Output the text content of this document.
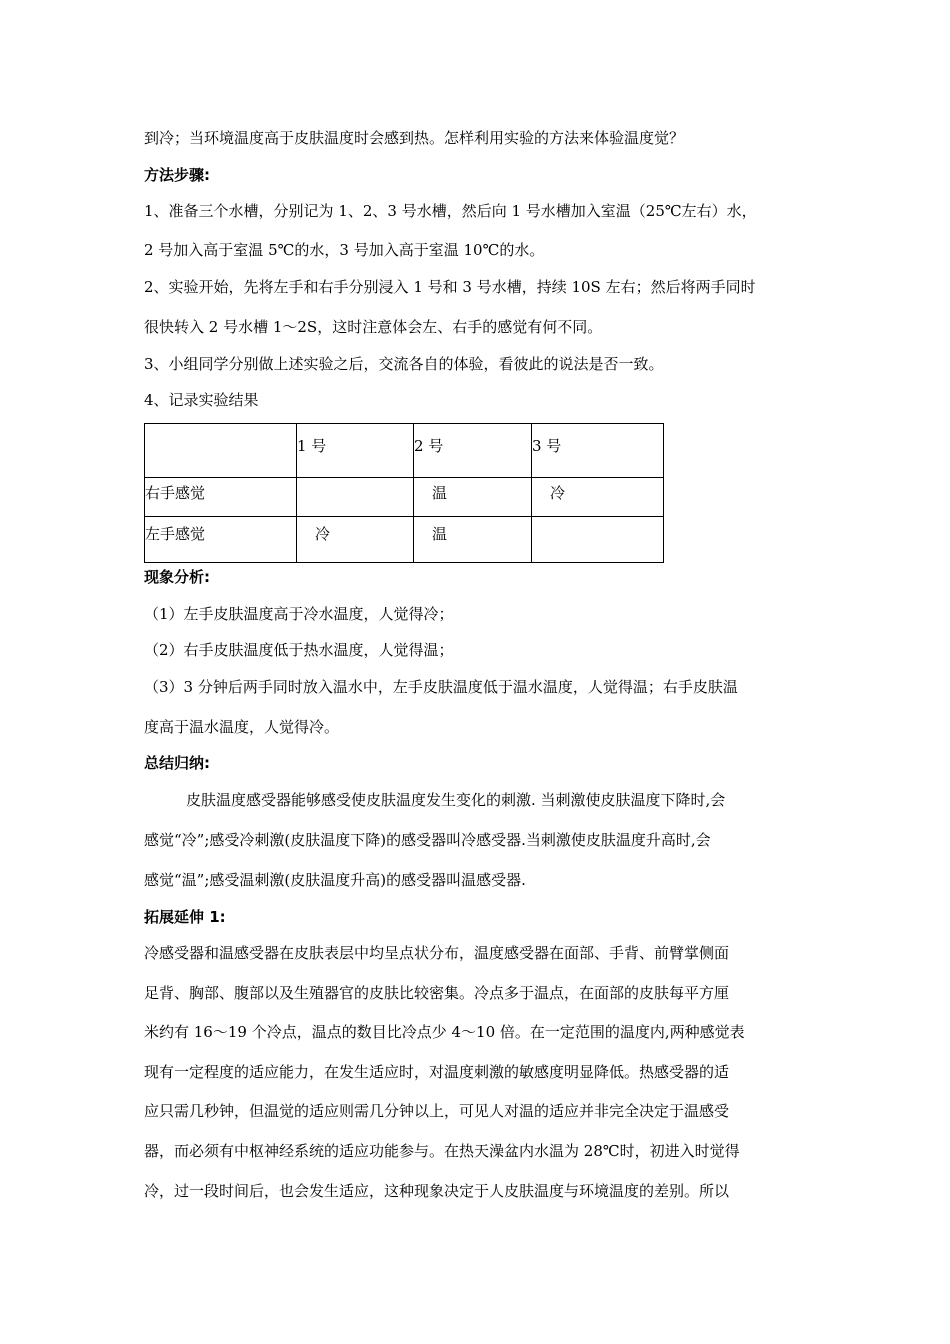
到冷；当环境温度高于皮肤温度时会感到热。怎样利用实验的方法来体验温度觉？
方法步骤:
1、准备三个水槽，分别记为 1、2、3 号水槽，然后向 1 号水槽加入室温（25℃左右）水，
2 号加入高于室温 5℃的水，3 号加入高于室温 10℃的水。
2、实验开始，先将左手和右手分别浸入 1 号和 3 号水槽，持续 10S 左右；然后将两手同时
很快转入 2 号水槽 1～2S，这时注意体会左、右手的感觉有何不同。
3、小组同学分别做上述实验之后，交流各自的体验，看彼此的说法是否一致。
4、记录实验结果
	1 号	2 号	3 号
右手感觉		温	冷
左手感觉	冷	温	
现象分析:
（1）左手皮肤温度高于冷水温度，人觉得冷；
（2）右手皮肤温度低于热水温度，人觉得温；
（3）3 分钟后两手同时放入温水中，左手皮肤温度低于温水温度，人觉得温；右手皮肤温
度高于温水温度，人觉得冷。
总结归纳:
皮肤温度感受器能够感受使皮肤温度发生变化的刺激. 当刺激使皮肤温度下降时,会
感觉“冷”;感受冷刺激(皮肤温度下降)的感受器叫冷感受器.当刺激使皮肤温度升高时,会
感觉“温”;感受温刺激(皮肤温度升高)的感受器叫温感受器.
拓展延伸 1:
冷感受器和温感受器在皮肤表层中均呈点状分布，温度感受器在面部、手背、前臂掌侧面
足背、胸部、腹部以及生殖器官的皮肤比较密集。冷点多于温点，在面部的皮肤每平方厘
米约有 16～19 个冷点，温点的数目比冷点少 4～10 倍。在一定范围的温度内,两种感觉表
现有一定程度的适应能力，在发生适应时，对温度刺激的敏感度明显降低。热感受器的适
应只需几秒钟，但温觉的适应则需几分钟以上，可见人对温的适应并非完全决定于温感受
器，而必须有中枢神经系统的适应功能参与。在热天澡盆内水温为 28℃时，初进入时觉得
冷，过一段时间后，也会发生适应，这种现象决定于人皮肤温度与环境温度的差别。所以
